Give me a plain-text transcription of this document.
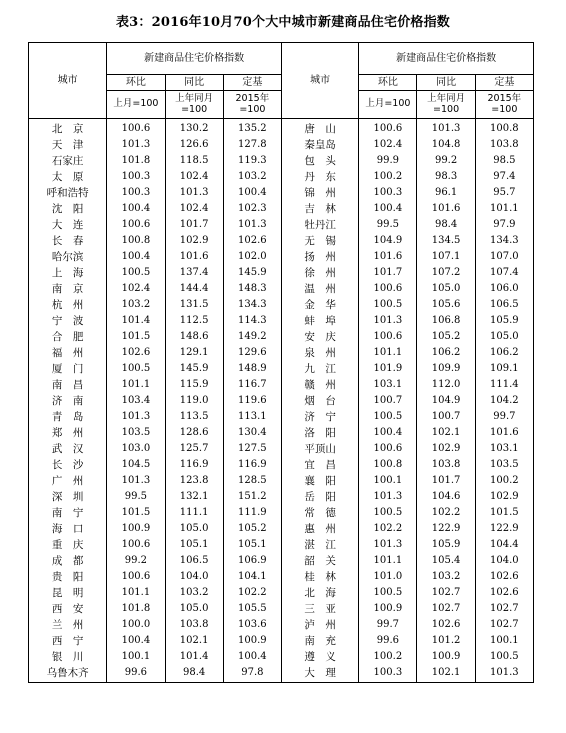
表3：2016年10月70个大中城市新建商品住宅价格指数
城市	新建商品住宅价格指数			城市	新建商品住宅价格指数		
	环比	同比	定基		环比	同比	定基
	上月=100	上年同月=100	2015年=100		上月=100	上年同月=100	2015年=100
北　京	100.6	130.2	135.2	唐　山	100.6	101.3	100.8
天　津	101.3	126.6	127.8	秦皇岛	102.4	104.8	103.8
石家庄	101.8	118.5	119.3	包　头	99.9	99.2	98.5
太　原	100.3	102.4	103.2	丹　东	100.2	98.3	97.4
呼和浩特	100.3	101.3	100.4	锦　州	100.3	96.1	95.7
沈　阳	100.4	102.4	102.3	吉　林	100.4	101.6	101.1
大　连	100.6	101.7	101.3	牡丹江	99.5	98.4	97.9
长　春	100.8	102.9	102.6	无　锡	104.9	134.5	134.3
哈尔滨	100.4	101.6	102.0	扬　州	101.6	107.1	107.0
上　海	100.5	137.4	145.9	徐　州	101.7	107.2	107.4
南　京	102.4	144.4	148.3	温　州	100.6	105.0	106.0
杭　州	103.2	131.5	134.3	金　华	100.5	105.6	106.5
宁　波	101.4	112.5	114.3	蚌　埠	101.3	106.8	105.9
合　肥	101.5	148.6	149.2	安　庆	100.6	105.2	105.0
福　州	102.6	129.1	129.6	泉　州	101.1	106.2	106.2
厦　门	100.5	145.9	148.9	九　江	101.9	109.9	109.1
南　昌	101.1	115.9	116.7	赣　州	103.1	112.0	111.4
济　南	103.4	119.0	119.6	烟　台	100.7	104.9	104.2
青　岛	101.3	113.5	113.1	济　宁	100.5	100.7	99.7
郑　州	103.5	128.6	130.4	洛　阳	100.4	102.1	101.6
武　汉	103.0	125.7	127.5	平顶山	100.6	102.9	103.1
长　沙	104.5	116.9	116.9	宜　昌	100.8	103.8	103.5
广　州	101.3	123.8	128.5	襄　阳	100.1	101.7	100.2
深　圳	99.5	132.1	151.2	岳　阳	101.3	104.6	102.9
南　宁	101.5	111.1	111.9	常　德	100.5	102.2	101.5
海　口	100.9	105.0	105.2	惠　州	102.2	122.9	122.9
重　庆	100.6	105.1	105.1	湛　江	101.3	105.9	104.4
成　都	99.2	106.5	106.9	韶　关	101.1	105.4	104.0
贵　阳	100.6	104.0	104.1	桂　林	101.0	103.2	102.6
昆　明	101.1	103.2	102.2	北　海	100.5	102.7	102.6
西　安	101.8	105.0	105.5	三　亚	100.9	102.7	102.7
兰　州	100.0	103.8	103.6	泸　州	99.7	102.6	102.7
西　宁	100.4	102.1	100.9	南　充	99.6	101.2	100.1
银　川	100.1	101.4	100.4	遵　义	100.2	100.9	100.5
乌鲁木齐	99.6	98.4	97.8	大　理	100.3	102.1	101.3
